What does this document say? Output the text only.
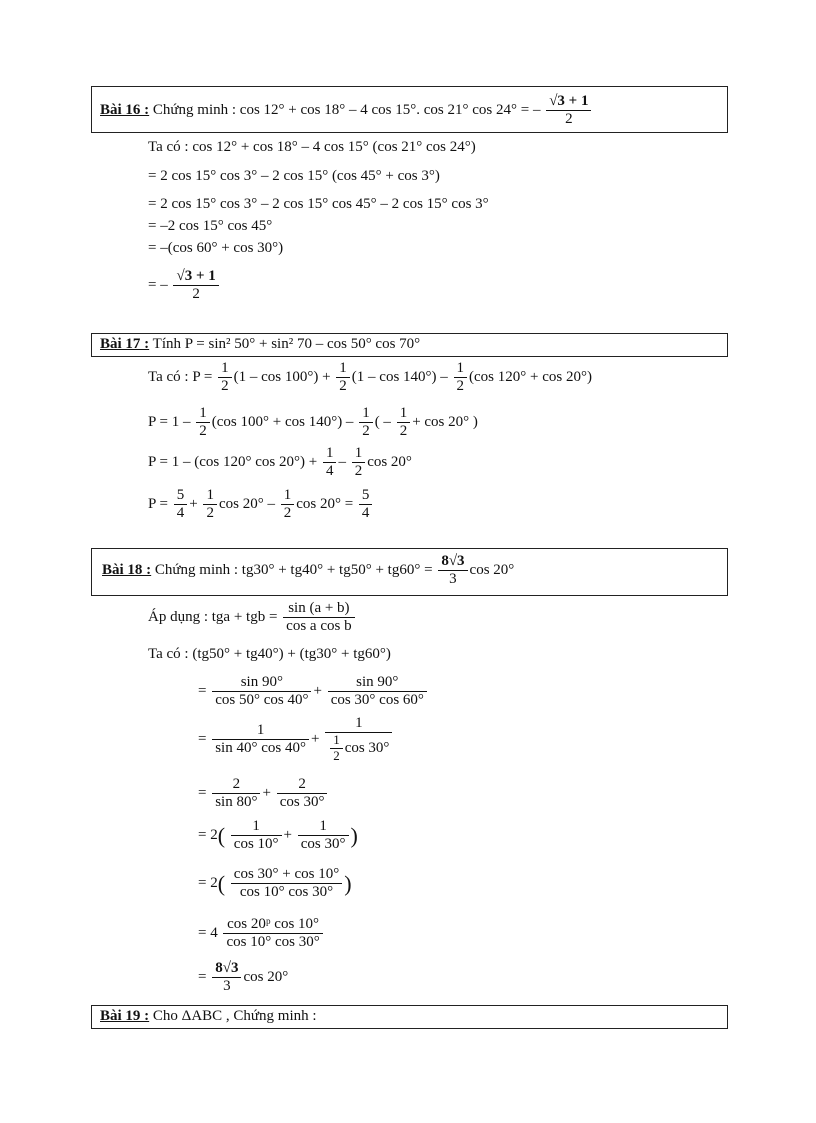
Bài 16 : Chứng minh : cos 12° + cos 18° – 4 cos 15°. cos 21° cos 24° = – $\frac{√3 + 1}{2}$
Ta có : cos 12° + cos 18° – 4 cos 15° (cos 21° cos 24°)
= 2 cos 15° cos 3° – 2 cos 15° (cos 45° + cos 3°)
= 2 cos 15° cos 3° – 2 cos 15° cos 45° – 2 cos 15° cos 3°
= –2 cos 15° cos 45°
= –(cos 60° + cos 30°)
= – $\frac{√3 + 1}{2}$
Bài 17 : Tính P = sin² 50° + sin² 70 – cos 50° cos 70°
Ta có : $P = \frac{1}{2} (1 - \cos 100^\circ) + \frac{1}{2} (1 - \cos 140^\circ) - \frac{1}{2} (\cos$ 120° + cos 20°)
$P = 1 - \frac{1}{2} (\cos$ $100^\circ + \cos 140^\circ) - \frac{1}{2}$ ( – $\frac{1}{2} + \cos 20^\circ$ )
P = 1 – (cos 120° $\cos 20^\circ) + \frac{1}{4} - \frac{1}{2}$ cos 20°
$P = \frac{5}{4} + \frac{1}{2}$ $\cos 20^\circ - \frac{1}{2}$ $\cos 20^\circ = \frac{5}{4}$
Bài 18 : Chứng minh : $tg30^\circ + tg40^\circ + tg50^\circ + tg60^\circ = \frac{8√3}{3}$ cos 20°
Áp dụng : tga + tgb = $\frac{\sin (a + b)}{\text{cos a cos b}}$
Ta có : (tg50° + tg40°) + (tg30° + tg60°)
= $\frac{\sin 90^\circ}{\cos 50^\circ \cos 40^\circ} + \frac{\sin 90^\circ}{\cos 30^\circ \cos 60^\circ}$
= $\frac{1}{\sin 40^\circ \cos 40^\circ} + \frac{1}{\frac{1}{2} \cos 30^\circ}$
= $\frac{2}{\sin 80^\circ} + \frac{2}{\cos 30^\circ}$
= $2( \frac{1}{\cos 10^\circ} + \frac{1}{\cos 30^\circ}$ )
= $2( \frac{\cos 30^\circ + \cos 10^\circ}{\cos 10^\circ \cos 30^\circ}$ )
= $4 \frac{\text{cos 20ᵖ cos 10°}}{\cos 10^\circ \cos 30^\circ}$
= $\frac{8√3}{3}$ cos 20°
Bài 19 : Cho ΔABC , Chứng minh :
